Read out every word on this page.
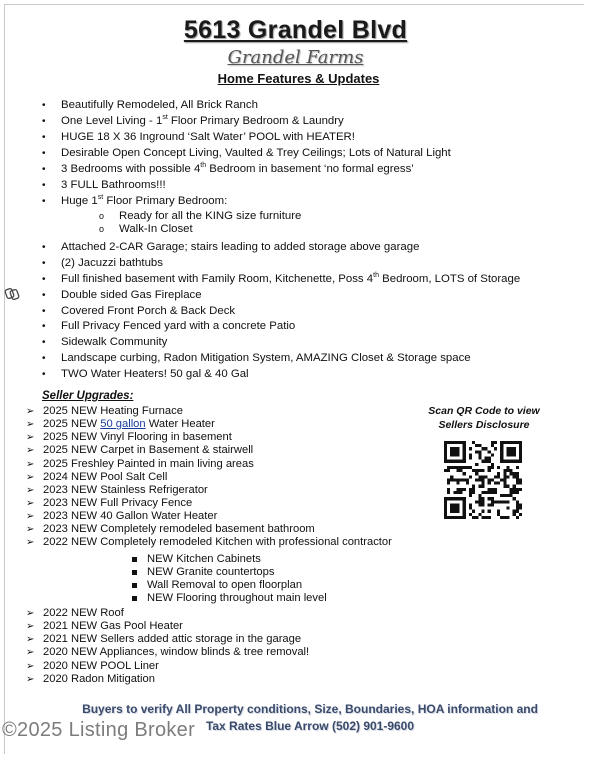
5613 Grandel Blvd
Grandel Farms
Home Features & Updates
• Beautifully Remodeled, All Brick Ranch
• One Level Living - 1st Floor Primary Bedroom & Laundry
• HUGE 18 X 36 Inground ‘Salt Water’ POOL with HEATER!
• Desirable Open Concept Living, Vaulted & Trey Ceilings; Lots of Natural Light
• 3 Bedrooms with possible 4th Bedroom in basement ‘no formal egress’
• 3 FULL Bathrooms!!!
• Huge 1st Floor Primary Bedroom:
o Ready for all the KING size furniture
o Walk-In Closet
• Attached 2-CAR Garage; stairs leading to added storage above garage
• (2) Jacuzzi bathtubs
• Full finished basement with Family Room, Kitchenette, Poss 4th Bedroom, LOTS of Storage
• Double sided Gas Fireplace
• Covered Front Porch & Back Deck
• Full Privacy Fenced yard with a concrete Patio
• Sidewalk Community
• Landscape curbing, Radon Mitigation System, AMAZING Closet & Storage space
• TWO Water Heaters! 50 gal & 40 Gal
Seller Upgrades:
➢ 2025 NEW Heating Furnace
➢ 2025 NEW 50 gallon Water Heater
➢ 2025 NEW Vinyl Flooring in basement
➢ 2025 NEW Carpet in Basement & stairwell
➢ 2025 Freshley Painted in main living areas
➢ 2024 NEW Pool Salt Cell
➢ 2023 NEW Stainless Refrigerator
➢ 2023 NEW Full Privacy Fence
➢ 2023 NEW 40 Gallon Water Heater
➢ 2023 NEW Completely remodeled basement bathroom
➢ 2022 NEW Completely remodeled Kitchen with professional contractor
NEW Kitchen Cabinets
NEW Granite countertops
Wall Removal to open floorplan
NEW Flooring throughout main level
➢ 2022 NEW Roof
➢ 2021 NEW Gas Pool Heater
➢ 2021 NEW Sellers added attic storage in the garage
➢ 2020 NEW Appliances, window blinds & tree removal!
➢ 2020 NEW POOL Liner
➢ 2020 Radon Mitigation
Scan QR Code to view
Sellers Disclosure
Buyers to verify All Property conditions, Size, Boundaries, HOA information and
Tax Rates Blue Arrow (502) 901-9600
©2025 Listing Broker
